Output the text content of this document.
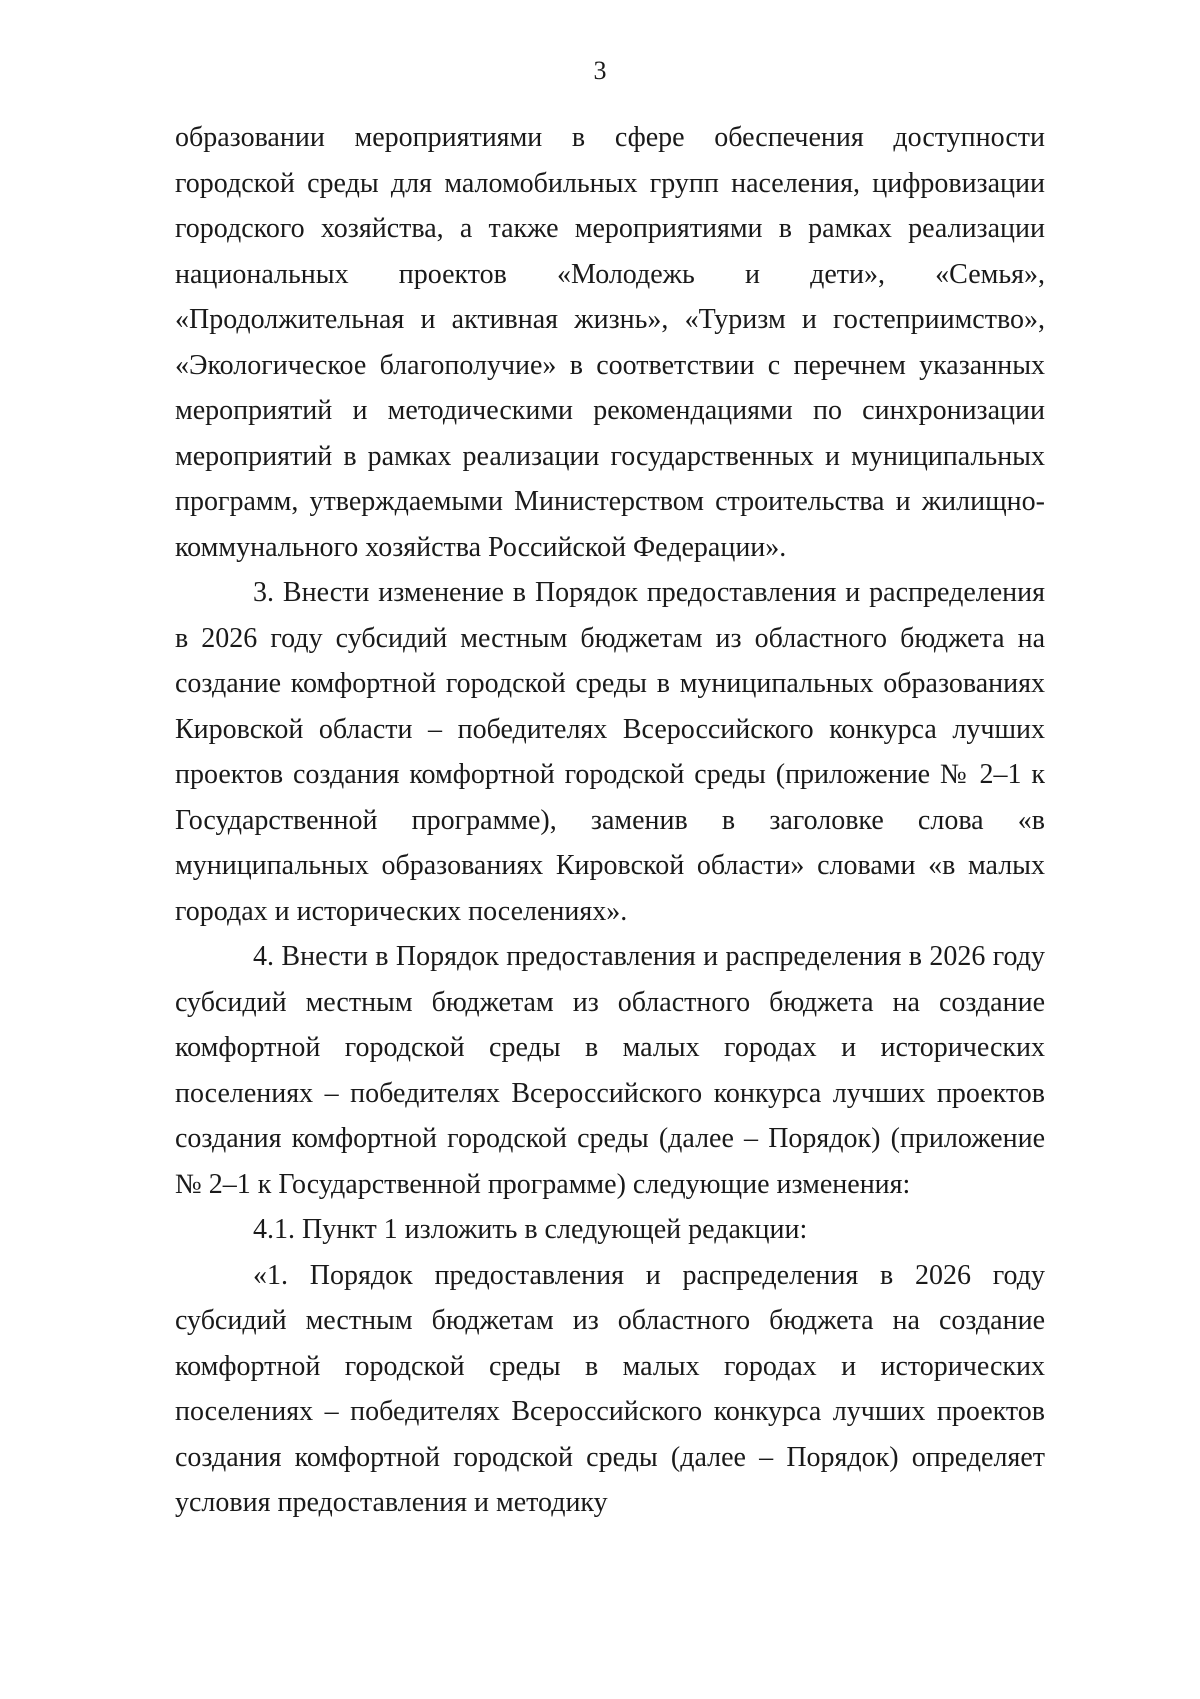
3

образовании мероприятиями в сфере обеспечения доступности городской среды для маломобильных групп населения, цифровизации городского хозяйства, а также мероприятиями в рамках реализации национальных проектов «Молодежь и дети», «Семья», «Продолжительная и активная жизнь», «Туризм и гостеприимство», «Экологическое благополучие» в соответствии с перечнем указанных мероприятий и методическими рекомендациями по синхронизации мероприятий в рамках реализации государственных и муниципальных программ, утверждаемыми Министерством строительства и жилищно-коммунального хозяйства Российской Федерации».

3. Внести изменение в Порядок предоставления и распределения в 2026 году субсидий местным бюджетам из областного бюджета на создание комфортной городской среды в муниципальных образованиях Кировской области – победителях Всероссийского конкурса лучших проектов создания комфортной городской среды (приложение № 2–1 к Государственной программе), заменив в заголовке слова «в муниципальных образованиях Кировской области» словами «в малых городах и исторических поселениях».

4. Внести в Порядок предоставления и распределения в 2026 году субсидий местным бюджетам из областного бюджета на создание комфортной городской среды в малых городах и исторических поселениях – победителях Всероссийского конкурса лучших проектов создания комфортной городской среды (далее – Порядок) (приложение № 2–1 к Государственной программе) следующие изменения:

4.1. Пункт 1 изложить в следующей редакции:

«1. Порядок предоставления и распределения в 2026 году субсидий местным бюджетам из областного бюджета на создание комфортной городской среды в малых городах и исторических поселениях – победителях Всероссийского конкурса лучших проектов создания комфортной городской среды (далее – Порядок) определяет условия предоставления и методику
